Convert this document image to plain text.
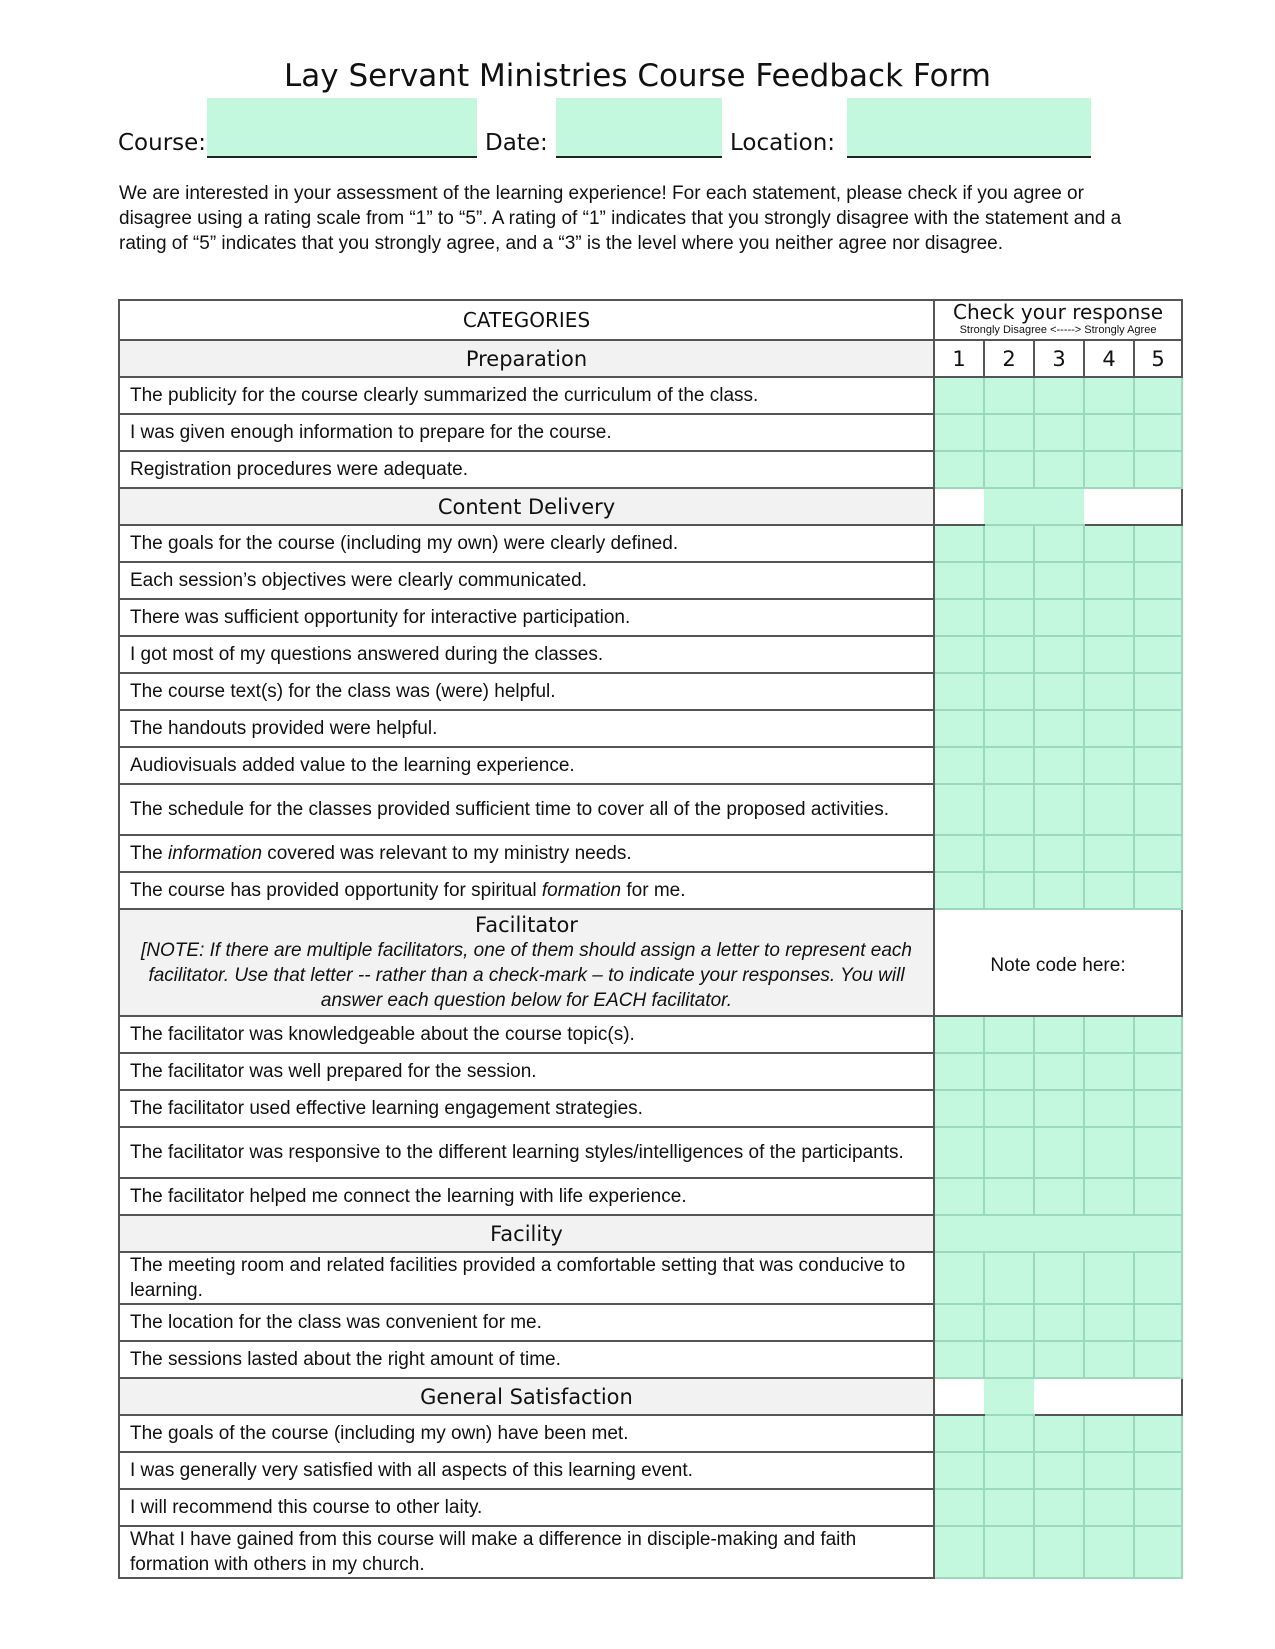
Lay Servant Ministries Course Feedback Form
Course:	Date:	Location:
We are interested in your assessment of the learning experience! For each statement, please check if you agree or disagree using a rating scale from “1” to “5”. A rating of “1” indicates that you strongly disagree with the statement and a rating of “5” indicates that you strongly agree, and a “3” is the level where you neither agree nor disagree.
CATEGORIES	Check your response
Strongly Disagree <-----> Strongly Agree				

Preparation	1	2	3	4	5
The publicity for the course clearly summarized the curriculum of the class.					
I was given enough information to prepare for the course.					
Registration procedures were adequate.					
Content Delivery					
The goals for the course (including my own) were clearly defined.					
Each session’s objectives were clearly communicated.					
There was sufficient opportunity for interactive participation.					
I got most of my questions answered during the classes.					
The course text(s) for the class was (were) helpful.					
The handouts provided were helpful.					
Audiovisuals added value to the learning experience.					
The schedule for the classes provided sufficient time to cover all of the proposed activities.					
The information covered was relevant to my ministry needs.					
The course has provided opportunity for spiritual formation for me.					

Facilitator
[NOTE: If there are multiple facilitators, one of them should assign a letter to represent each facilitator. Use that letter -- rather than a check-mark – to indicate your responses. You will answer each question below for EACH facilitator.	Note code here:				
The facilitator was knowledgeable about the course topic(s).					
The facilitator was well prepared for the session.					
The facilitator used effective learning engagement strategies.					
The facilitator was responsive to the different learning styles/intelligences of the participants.					
The facilitator helped me connect the learning with life experience.					
Facility					
The meeting room and related facilities provided a comfortable setting that was conducive to learning.					
The location for the class was convenient for me.					
The sessions lasted about the right amount of time.					
General Satisfaction					
The goals of the course (including my own) have been met.					
I was generally very satisfied with all aspects of this learning event.					
I will recommend this course to other laity.					
What I have gained from this course will make a difference in disciple-making and faith formation with others in my church.					
